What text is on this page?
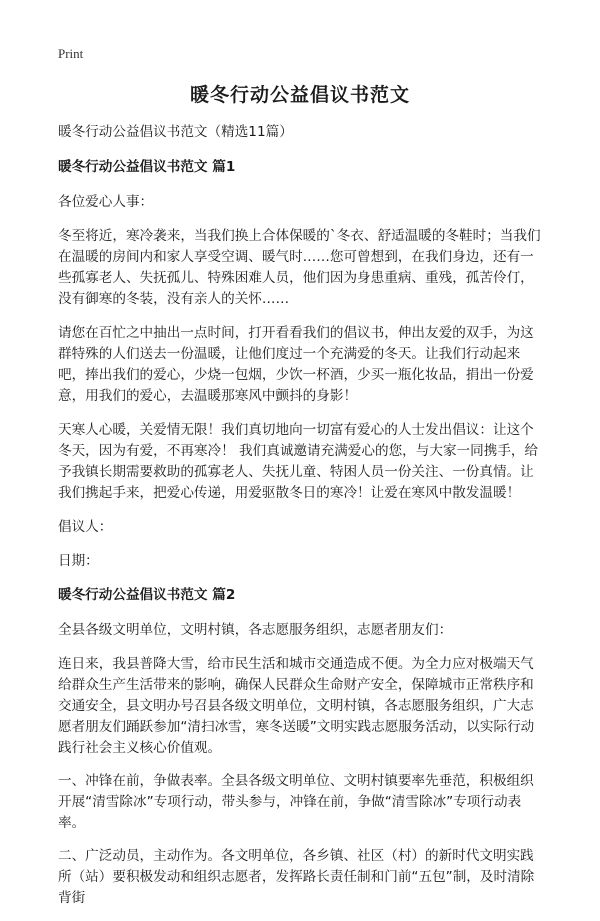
Print
暖冬行动公益倡议书范文

暖冬行动公益倡议书范文（精选11篇）

暖冬行动公益倡议书范文 篇1

各位爱心人事：

冬至将近，寒冷袭来，当我们换上合体保暖的`冬衣、舒适温暖的冬鞋时；当我们在温暖的房间内和家人享受空调、暖气时……您可曾想到，在我们身边，还有一些孤寡老人、失抚孤儿、特殊困难人员，他们因为身患重病、重残，孤苦伶仃，没有御寒的冬装，没有亲人的关怀……

请您在百忙之中抽出一点时间，打开看看我们的倡议书，伸出友爱的双手，为这群特殊的人们送去一份温暖，让他们度过一个充满爱的冬天。让我们行动起来吧，捧出我们的爱心，少烧一包烟，少饮一杯酒，少买一瓶化妆品，捐出一份爱意，用我们的爱心，去温暖那寒风中颤抖的身影！

天寒人心暖，关爱情无限！我们真切地向一切富有爱心的人士发出倡议：让这个冬天，因为有爱，不再寒冷！ 我们真诚邀请充满爱心的您，与大家一同携手，给予我镇长期需要救助的孤寡老人、失抚儿童、特困人员一份关注、一份真情。让我们携起手来，把爱心传递，用爱驱散冬日的寒冷！让爱在寒风中散发温暖！

倡议人：

日期：

暖冬行动公益倡议书范文 篇2

全县各级文明单位，文明村镇，各志愿服务组织，志愿者朋友们：

连日来，我县普降大雪，给市民生活和城市交通造成不便。为全力应对极端天气给群众生产生活带来的影响，确保人民群众生命财产安全，保障城市正常秩序和交通安全，县文明办号召县各级文明单位，文明村镇，各志愿服务组织，广大志愿者朋友们踊跃参加“清扫冰雪，寒冬送暖”文明实践志愿服务活动，以实际行动践行社会主义核心价值观。

一、冲锋在前，争做表率。全县各级文明单位、文明村镇要率先垂范，积极组织开展“清雪除冰”专项行动，带头参与，冲锋在前，争做“清雪除冰”专项行动表率。

二、广泛动员，主动作为。各文明单位，各乡镇、社区（村）的新时代文明实践所（站）要积极发动和组织志愿者，发挥路长责任制和门前“五包”制，及时清除背街
